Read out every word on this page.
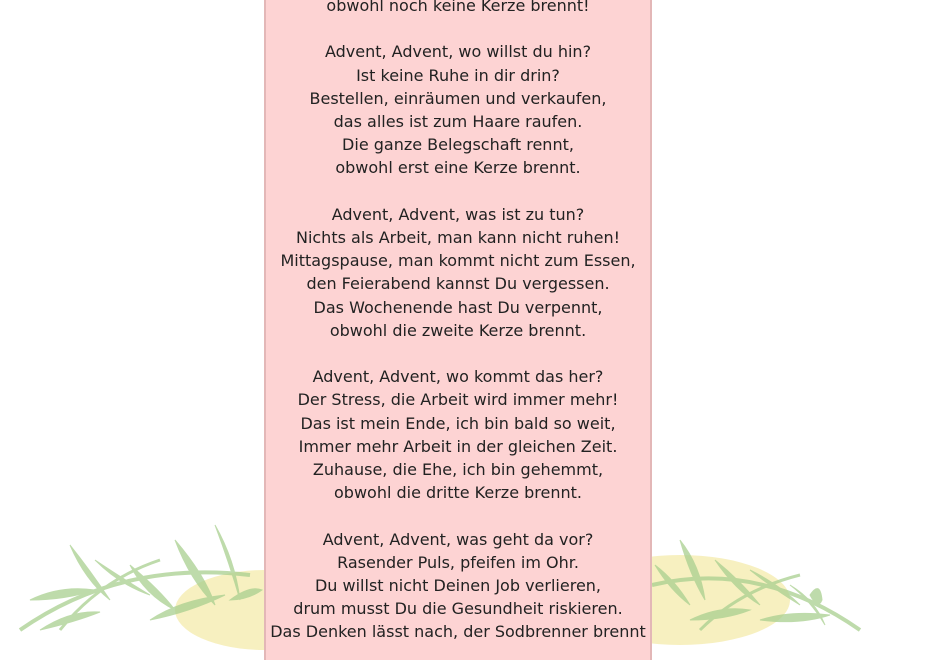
obwohl noch keine Kerze brennt!
Advent, Advent, wo willst du hin?
Ist keine Ruhe in dir drin?
Bestellen, einräumen und verkaufen,
das alles ist zum Haare raufen.
Die ganze Belegschaft rennt,
obwohl erst eine Kerze brennt.
Advent, Advent, was ist zu tun?
Nichts als Arbeit, man kann nicht ruhen!
Mittagspause, man kommt nicht zum Essen,
den Feierabend kannst Du vergessen.
Das Wochenende hast Du verpennt,
obwohl die zweite Kerze brennt.
Advent, Advent, wo kommt das her?
Der Stress, die Arbeit wird immer mehr!
Das ist mein Ende, ich bin bald so weit,
Immer mehr Arbeit in der gleichen Zeit.
Zuhause, die Ehe, ich bin gehemmt,
obwohl die dritte Kerze brennt.
Advent, Advent, was geht da vor?
Rasender Puls, pfeifen im Ohr.
Du willst nicht Deinen Job verlieren,
drum musst Du die Gesundheit riskieren.
Das Denken lässt nach, der Sodbrenner brennt
